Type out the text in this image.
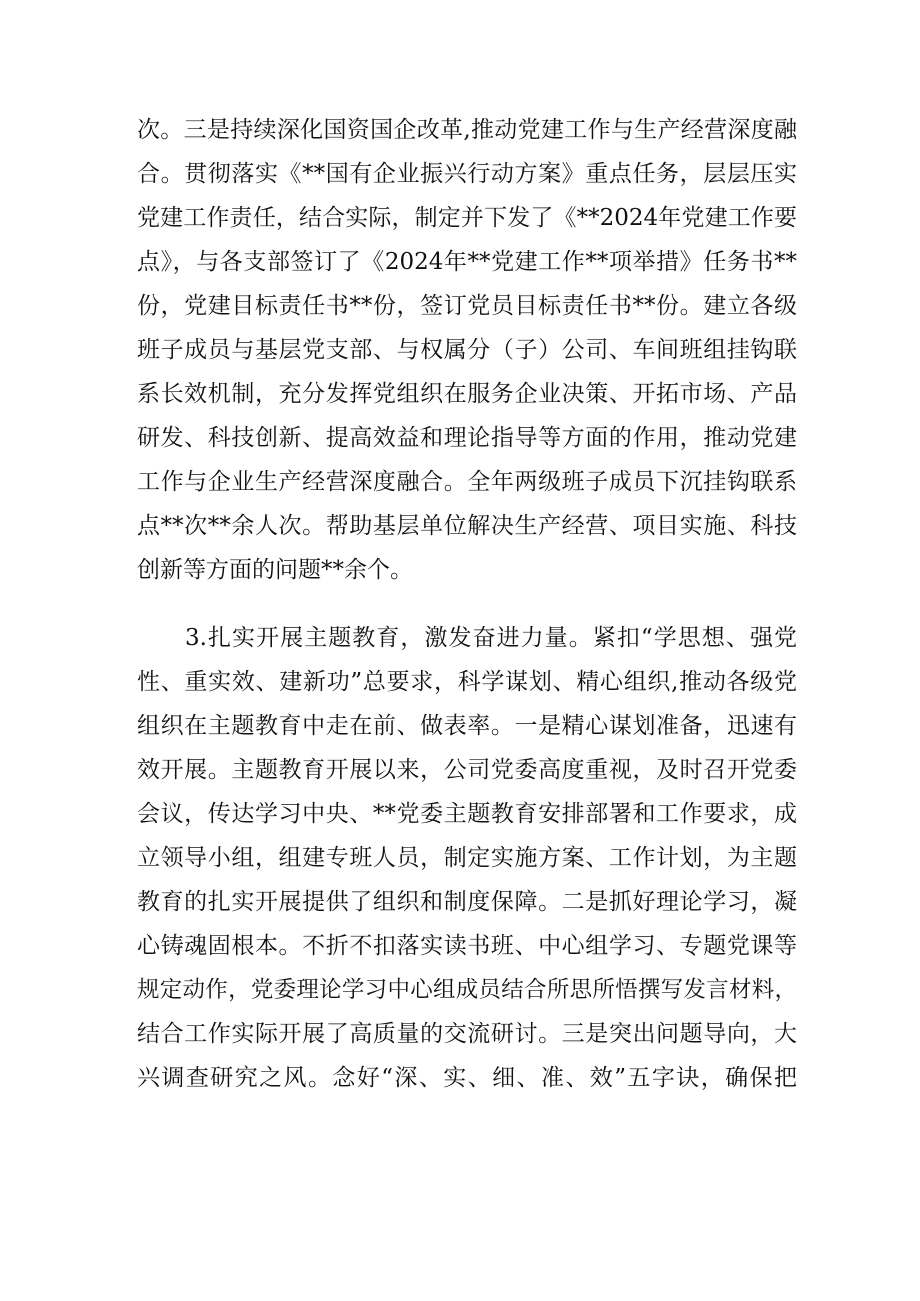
次。三是持续深化国资国企改革,推动党建工作与生产经营深度融
合。贯彻落实《**国有企业振兴行动方案》重点任务，层层压实
党建工作责任，结合实际，制定并下发了《**2024年党建工作要
点》，与各支部签订了《2024年**党建工作**项举措》任务书**
份，党建目标责任书**份，签订党员目标责任书**份。建立各级
班子成员与基层党支部、与权属分（子）公司、车间班组挂钩联
系长效机制，充分发挥党组织在服务企业决策、开拓市场、产品
研发、科技创新、提高效益和理论指导等方面的作用，推动党建
工作与企业生产经营深度融合。全年两级班子成员下沉挂钩联系
点**次**余人次。帮助基层单位解决生产经营、项目实施、科技
创新等方面的问题**余个。
3.扎实开展主题教育，激发奋进力量。紧扣“学思想、强党
性、重实效、建新功”总要求，科学谋划、精心组织,推动各级党
组织在主题教育中走在前、做表率。一是精心谋划准备，迅速有
效开展。主题教育开展以来，公司党委高度重视，及时召开党委
会议，传达学习中央、**党委主题教育安排部署和工作要求，成
立领导小组，组建专班人员，制定实施方案、工作计划，为主题
教育的扎实开展提供了组织和制度保障。二是抓好理论学习，凝
心铸魂固根本。不折不扣落实读书班、中心组学习、专题党课等
规定动作，党委理论学习中心组成员结合所思所悟撰写发言材料，
结合工作实际开展了高质量的交流研讨。三是突出问题导向，大
兴调查研究之风。念好“深、实、细、准、效”五字诀，确保把
